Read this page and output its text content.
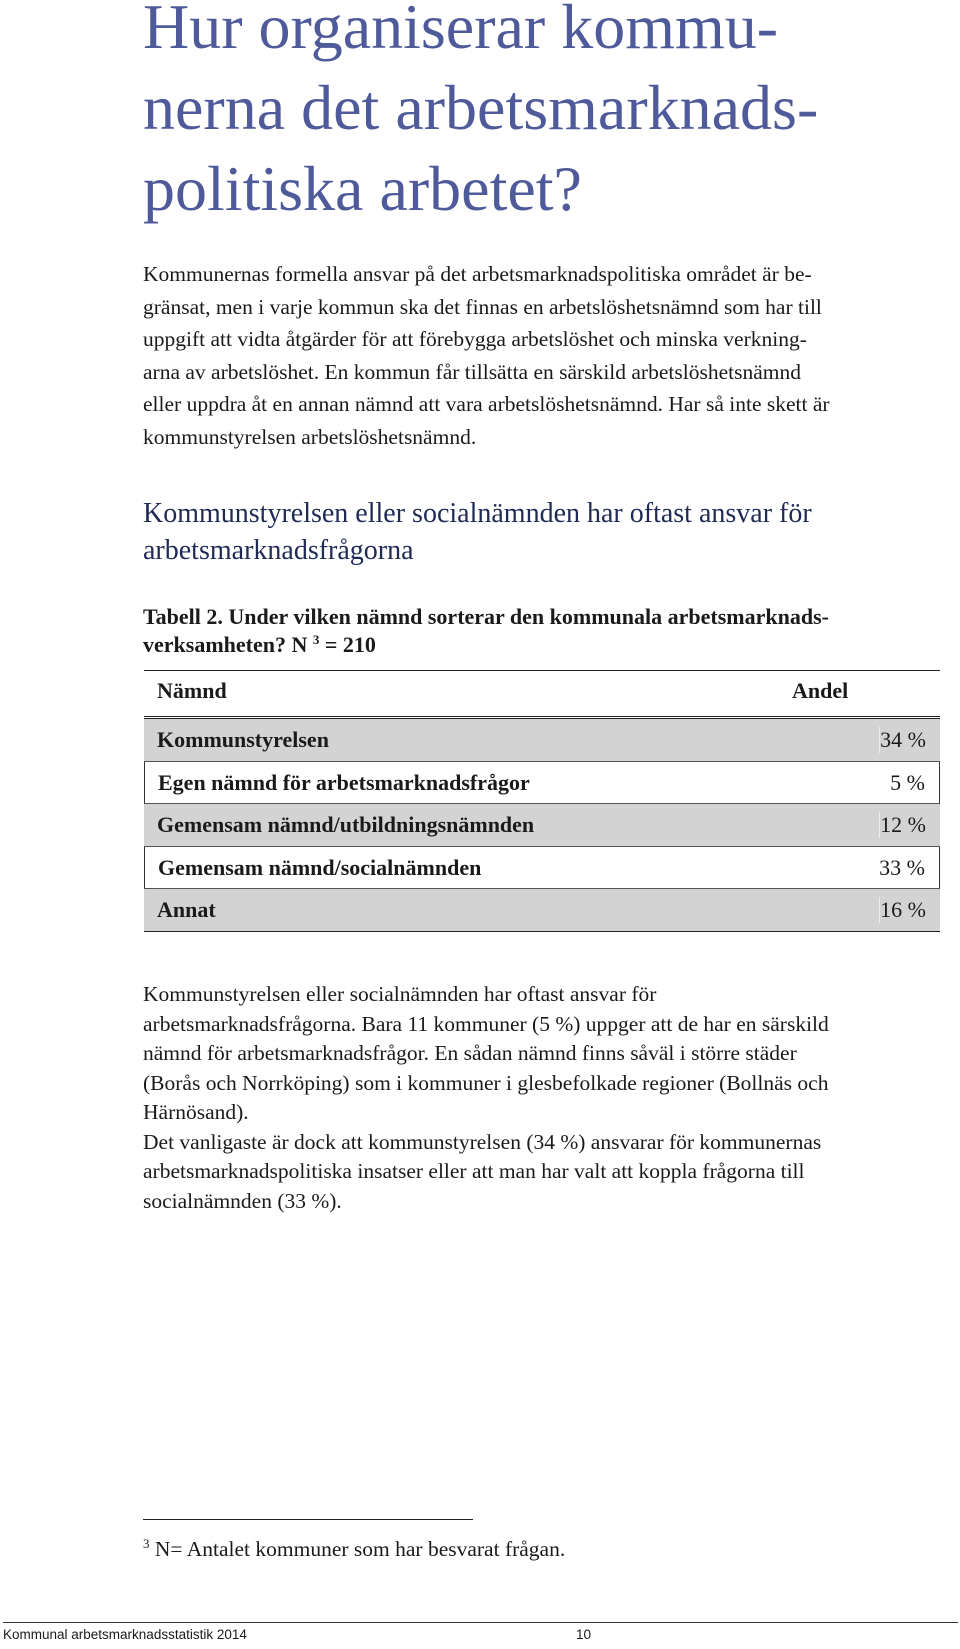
Hur organiserar kommu-
nerna det arbetsmarknads-
politiska arbetet?

Kommunernas formella ansvar på det arbetsmarknadspolitiska området är be-
gränsat, men i varje kommun ska det finnas en arbetslöshetsnämnd som har till
uppgift att vidta åtgärder för att förebygga arbetslöshet och minska verkning-
arna av arbetslöshet. En kommun får tillsätta en särskild arbetslöshetsnämnd
eller uppdra åt en annan nämnd att vara arbetslöshetsnämnd. Har så inte skett är
kommunstyrelsen arbetslöshetsnämnd.

Kommunstyrelsen eller socialnämnden har oftast ansvar för
arbetsmarknadsfrågorna
Tabell 2. Under vilken nämnd sorterar den kommunala arbetsmarknads-
verksamheten? N $^3$ = 210
Nämnd	Andel
Kommunstyrelsen	34 %
Egen nämnd för arbetsmarknadsfrågor	5 %
Gemensam nämnd/utbildningsnämnden	12 %
Gemensam nämnd/socialnämnden	33 %
Annat	16 %

Kommunstyrelsen eller socialnämnden har oftast ansvar för
arbetsmarknadsfrågorna. Bara 11 kommuner (5 %) uppger att de har en särskild
nämnd för arbetsmarknadsfrågor. En sådan nämnd finns såväl i större städer
(Borås och Norrköping) som i kommuner i glesbefolkade regioner (Bollnäs och
Härnösand).
Det vanligaste är dock att kommunstyrelsen (34 %) ansvarar för kommunernas
arbetsmarknadspolitiska insatser eller att man har valt att koppla frågorna till
socialnämnden (33 %).

$^3$ N= Antalet kommuner som har besvarat frågan.

Kommunal arbetsmarknadsstatistik 2014	10
